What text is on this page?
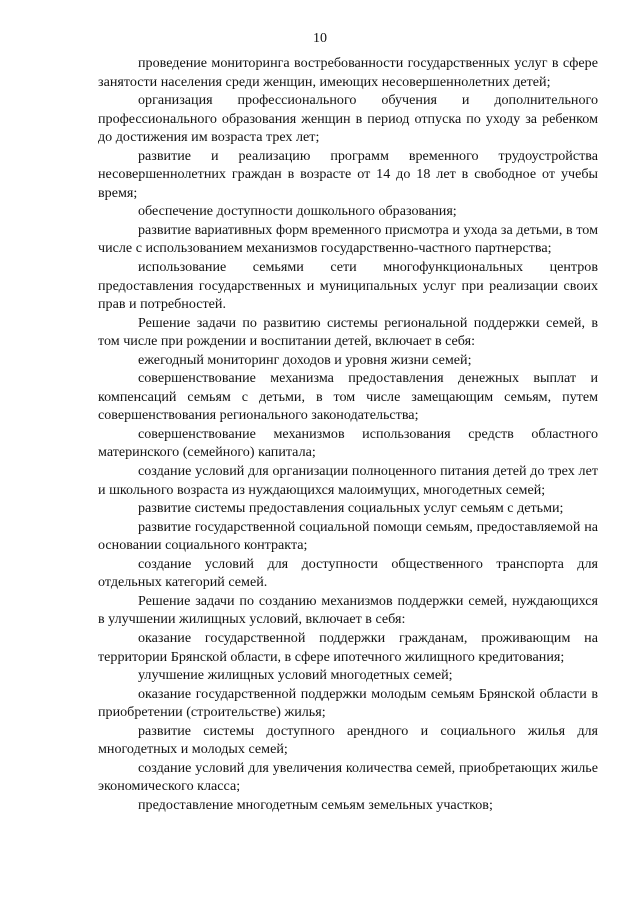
10

проведение мониторинга востребованности государственных услуг в сфере занятости населения среди женщин, имеющих несовершеннолетних детей;

организация профессионального обучения и дополнительного профессионального образования женщин в период отпуска по уходу за ребенком до достижения им возраста трех лет;

развитие и реализацию программ временного трудоустройства несовершеннолетних граждан в возрасте от 14 до 18 лет в свободное от учебы время;

обеспечение доступности дошкольного образования;

развитие вариативных форм временного присмотра и ухода за детьми, в том числе с использованием механизмов государственно-частного партнерства;

использование семьями сети многофункциональных центров предоставления государственных и муниципальных услуг при реализации своих прав и потребностей.

Решение задачи по развитию системы региональной поддержки семей, в том числе при рождении и воспитании детей, включает в себя:

ежегодный мониторинг доходов и уровня жизни семей;

совершенствование механизма предоставления денежных выплат и компенсаций семьям с детьми, в том числе замещающим семьям, путем совершенствования регионального законодательства;

совершенствование механизмов использования средств областного материнского (семейного) капитала;

создание условий для организации полноценного питания детей до трех лет и школьного возраста из нуждающихся малоимущих, многодетных семей;

развитие системы предоставления социальных услуг семьям с детьми;

развитие государственной социальной помощи семьям, предоставляемой на основании социального контракта;

создание условий для доступности общественного транспорта для отдельных категорий семей.

Решение задачи по созданию механизмов поддержки семей, нуждающихся в улучшении жилищных условий, включает в себя:

оказание государственной поддержки гражданам, проживающим на территории Брянской области, в сфере ипотечного жилищного кредитования;

улучшение жилищных условий многодетных семей;

оказание государственной поддержки молодым семьям Брянской области в приобретении (строительстве) жилья;

развитие системы доступного арендного и социального жилья для многодетных и молодых семей;

создание условий для увеличения количества семей, приобретающих жилье экономического класса;

предоставление многодетным семьям земельных участков;
